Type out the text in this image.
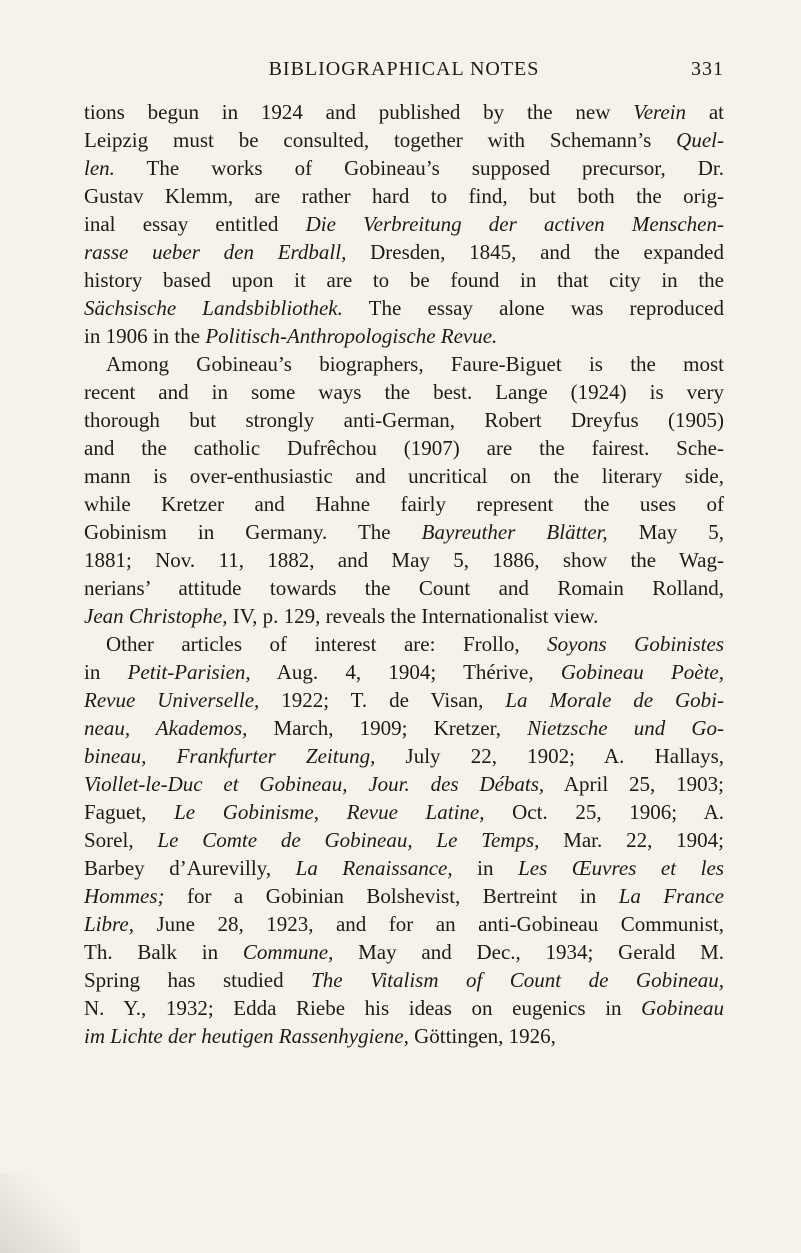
BIBLIOGRAPHICAL NOTES	331
tions begun in 1924 and published by the new Verein at
Leipzig must be consulted, together with Schemann’s Quel-
len. The works of Gobineau’s supposed precursor, Dr.
Gustav Klemm, are rather hard to find, but both the orig-
inal essay entitled Die Verbreitung der activen Menschen-
rasse ueber den Erdball, Dresden, 1845, and the expanded
history based upon it are to be found in that city in the
Sächsische Landsbibliothek. The essay alone was reproduced
in 1906 in the Politisch-Anthropologische Revue.
Among Gobineau’s biographers, Faure-Biguet is the most
recent and in some ways the best. Lange (1924) is very
thorough but strongly anti-German, Robert Dreyfus (1905)
and the catholic Dufrêchou (1907) are the fairest. Sche-
mann is over-enthusiastic and uncritical on the literary side,
while Kretzer and Hahne fairly represent the uses of
Gobinism in Germany. The Bayreuther Blätter, May 5,
1881; Nov. 11, 1882, and May 5, 1886, show the Wag-
nerians’ attitude towards the Count and Romain Rolland,
Jean Christophe, IV, p. 129, reveals the Internationalist view.
Other articles of interest are: Frollo, Soyons Gobinistes
in Petit-Parisien, Aug. 4, 1904; Thérive, Gobineau Poète,
Revue Universelle, 1922; T. de Visan, La Morale de Gobi-
neau, Akademos, March, 1909; Kretzer, Nietzsche und Go-
bineau, Frankfurter Zeitung, July 22, 1902; A. Hallays,
Viollet-le-Duc et Gobineau, Jour. des Débats, April 25, 1903;
Faguet, Le Gobinisme, Revue Latine, Oct. 25, 1906; A.
Sorel, Le Comte de Gobineau, Le Temps, Mar. 22, 1904;
Barbey d’Aurevilly, La Renaissance, in Les Œuvres et les
Hommes; for a Gobinian Bolshevist, Bertreint in La France
Libre, June 28, 1923, and for an anti-Gobineau Communist,
Th. Balk in Commune, May and Dec., 1934; Gerald M.
Spring has studied The Vitalism of Count de Gobineau,
N. Y., 1932; Edda Riebe his ideas on eugenics in Gobineau
im Lichte der heutigen Rassenhygiene, Göttingen, 1926,
